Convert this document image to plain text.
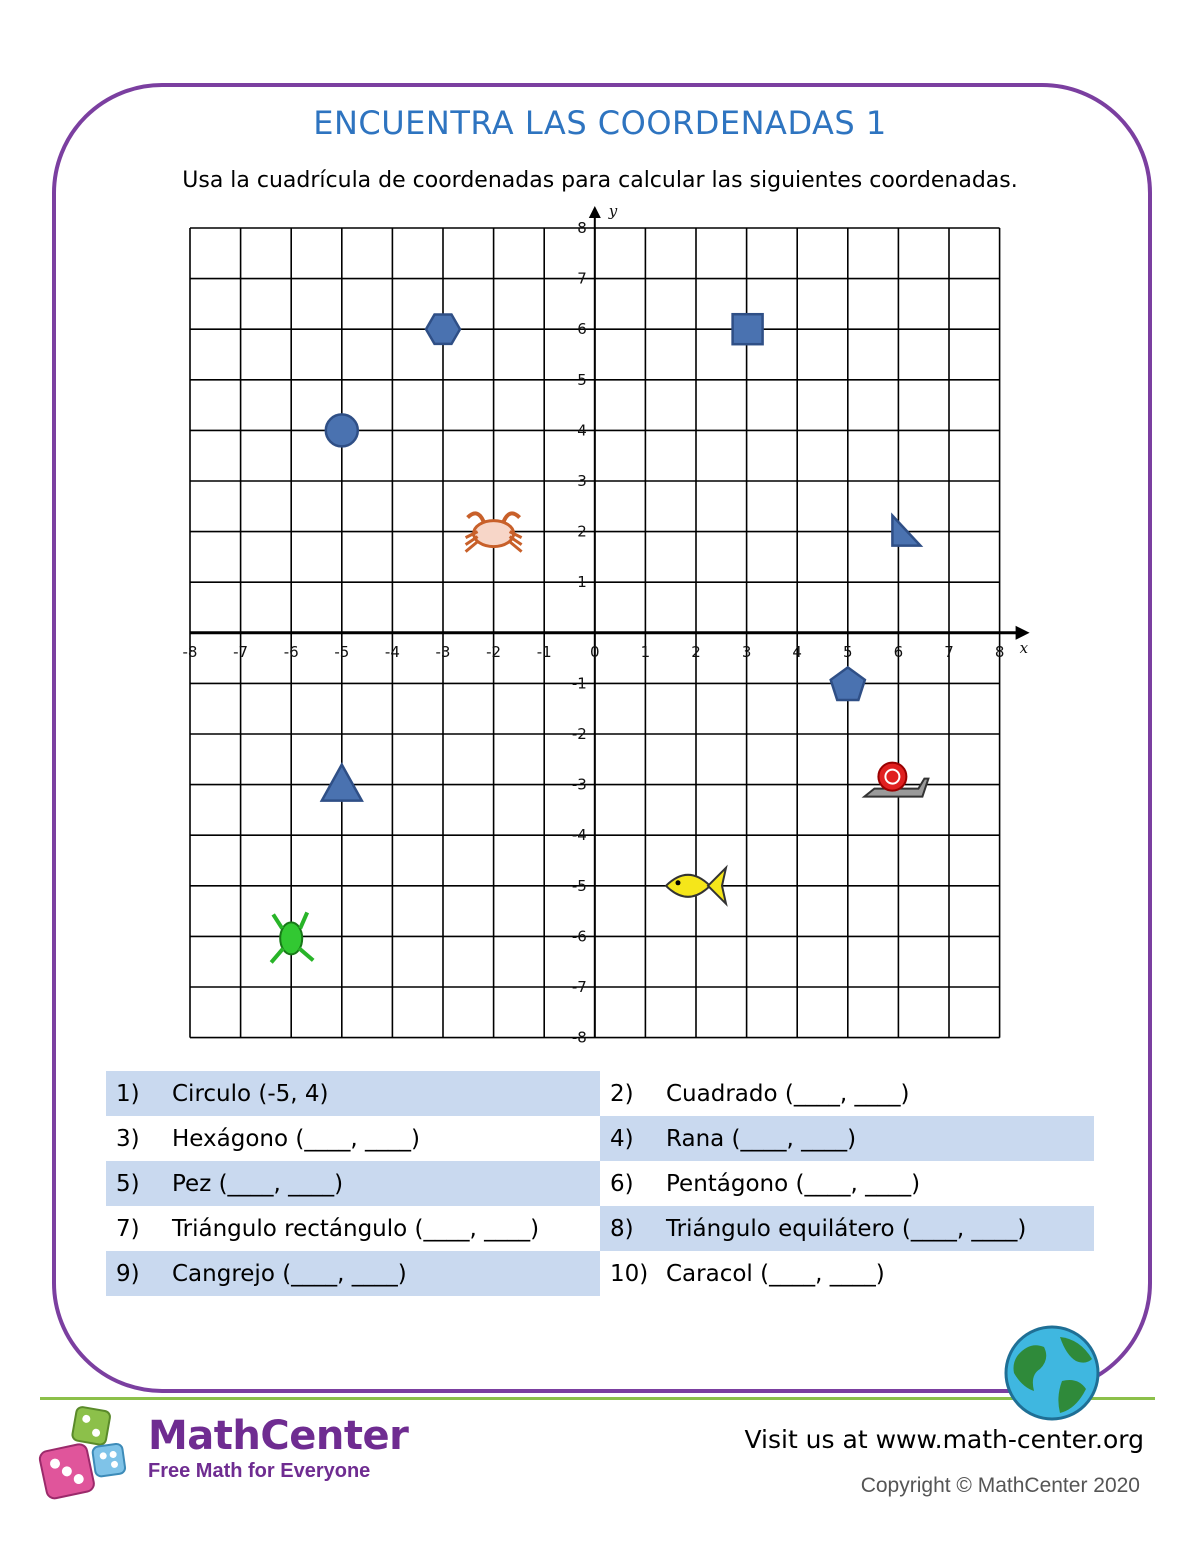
ENCUENTRA LAS COORDENADAS 1
Usa la cuadrícula de coordenadas para calcular las siguientes coordenadas.
x
y
-8 -7 -6 -5 -4 -3 -2 -1	0	1	2	3	4	5	6	7	8
8
7
6
5
4
3
2
1
-1
-2
-3
-4
-5
-6
-7
-8
1)	Circulo (-5, 4)	2)	Cuadrado (____, ____)
3)	Hexágono (____, ____)	4)	Rana (____, ____)
5)	Pez (____, ____)	6)	Pentágono (____, ____)
7)	Triángulo rectángulo (____, ____)	8)	Triángulo equilátero (____, ____)
9)	Cangrejo (____, ____)	10) Caracol (____, ____)
MathCenter
Free Math for Everyone
Visit us at www.math-center.org
Copyright © MathCenter 2020
